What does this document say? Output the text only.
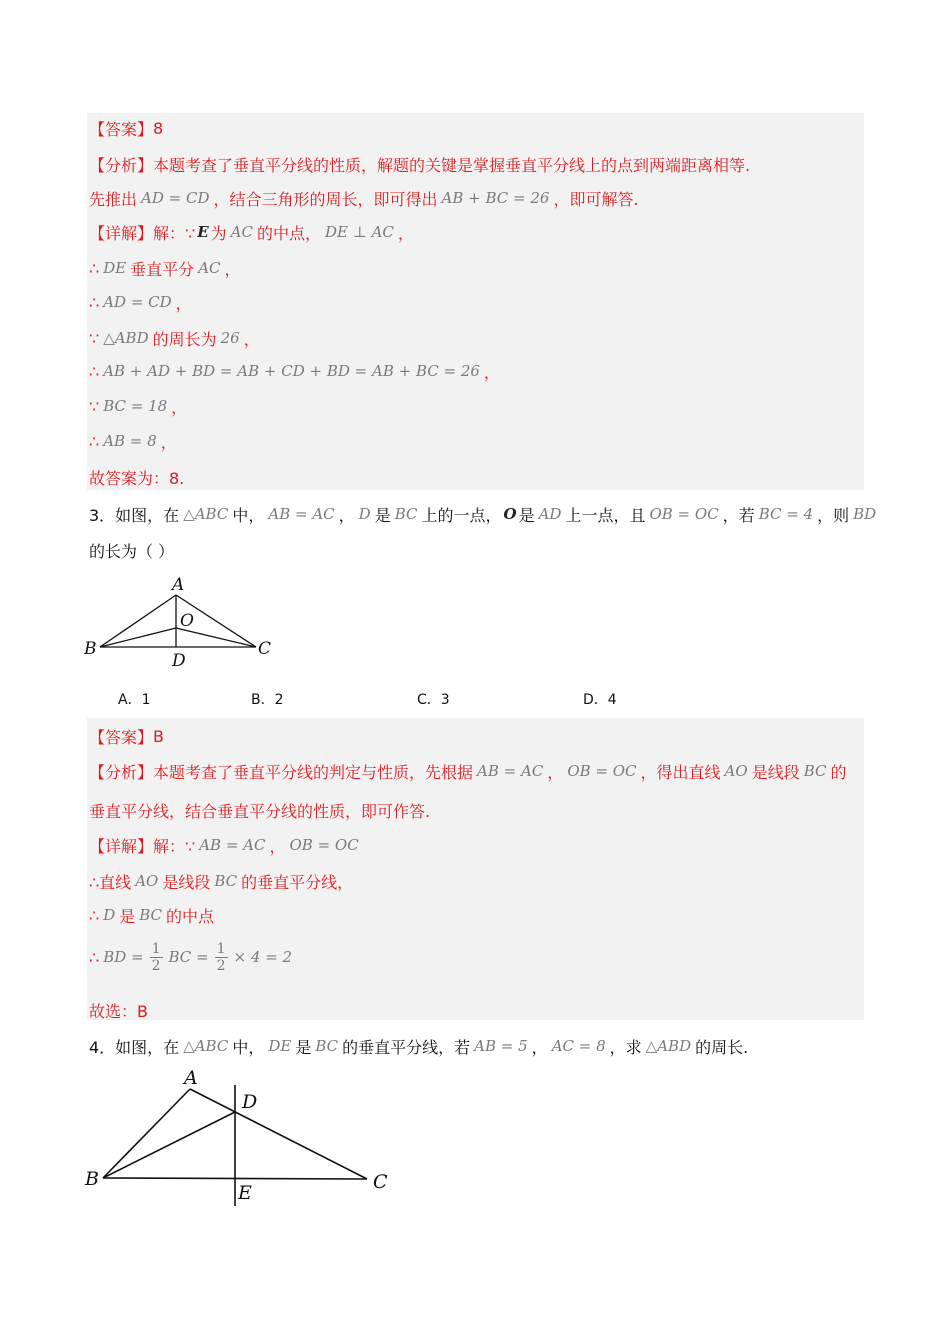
【答案】 8
【分析】 本题考查了垂直平分线的性质，解题的关键是掌握垂直平分线上的点到两端距离相等.
先推出 AD = CD ，结合三角形的周长，即可得出 AB + BC = 26 ，即可解答.
【详解】 解：∵ E 为 AC 的中点， DE ⊥ AC ，
∴ DE 垂直平分 AC ，
∴ AD = CD ，
∵ △ABD 的周长为 26 ，
∴ AB + AD + BD = AB + CD + BD = AB + BC = 26 ，
∵ BC = 18 ，
∴ AB = 8 ，
故答案为：8.
3．如图，在 △ABC 中， AB = AC ， D 是 BC 上的一点， O 是 AD 上一点，且 OB = OC ，若 BC = 4 ，则 BD
的长为（ ）
A
B	C
D
O
A．1	B．2	C．3	D．4
【答案】 B
【分析】 本题考查了垂直平分线的判定与性质，先根据 AB = AC ， OB = OC ，得出直线 AO 是线段 BC 的
垂直平分线，结合垂直平分线的性质，即可作答.
【详解】 解：∵ AB = AC ， OB = OC
∴直线 AO 是线段 BC 的垂直平分线，
∴ D 是 BC 的中点
∴ BD = $\frac{1}{2}$ BC = $\frac{1}{2} \times 4 = 2$
故选：B
4．如图，在 △ABC 中， DE 是 BC 的垂直平分线，若 AB = 5 ， AC = 8 ，求 △ABD 的周长.
A
B	C
D
E
